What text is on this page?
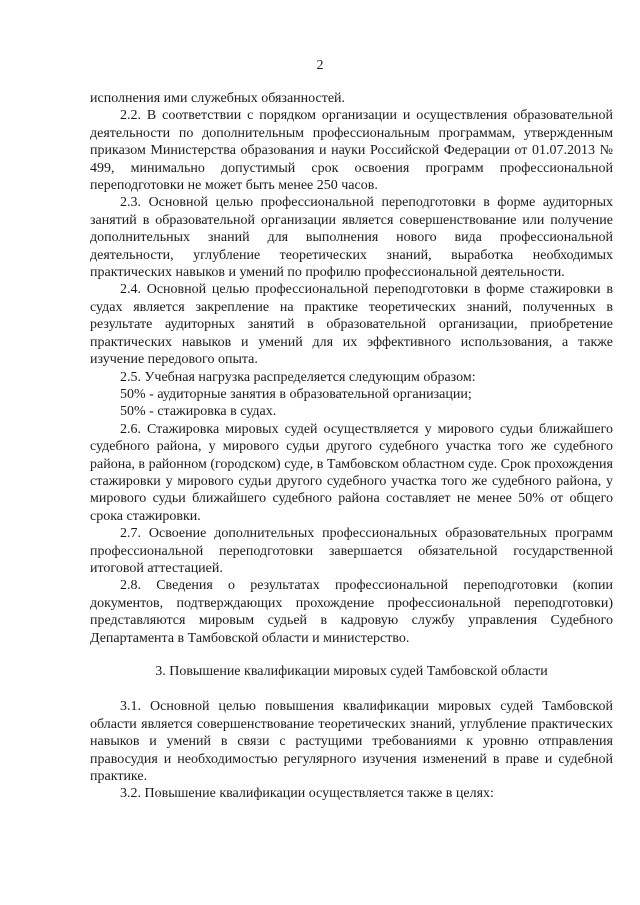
2

исполнения ими служебных обязанностей.

2.2. В соответствии с порядком организации и осуществления образовательной деятельности по дополнительным профессиональным программам, утвержденным приказом Министерства образования и науки Российской Федерации от 01.07.2013 № 499, минимально допустимый срок освоения программ профессиональной переподготовки не может быть менее 250 часов.

2.3. Основной целью профессиональной переподготовки в форме аудиторных занятий в образовательной организации является совершенствование или получение дополнительных знаний для выполнения нового вида профессиональной деятельности, углубление теоретических знаний, выработка необходимых практических навыков и умений по профилю профессиональной деятельности.

2.4. Основной целью профессиональной переподготовки в форме стажировки в судах является закрепление на практике теоретических знаний, полученных в результате аудиторных занятий в образовательной организации, приобретение практических навыков и умений для их эффективного использования, а также изучение передового опыта.

2.5. Учебная нагрузка распределяется следующим образом:

50% - аудиторные занятия в образовательной организации;

50% - стажировка в судах.

2.6. Стажировка мировых судей осуществляется у мирового судьи ближайшего судебного района, у мирового судьи другого судебного участка того же судебного района, в районном (городском) суде, в Тамбовском областном суде. Срок прохождения стажировки у мирового судьи другого судебного участка того же судебного района, у мирового судьи ближайшего судебного района составляет не менее 50% от общего срока стажировки.

2.7. Освоение дополнительных профессиональных образовательных программ профессиональной переподготовки завершается обязательной государственной итоговой аттестацией.

2.8. Сведения о результатах профессиональной переподготовки (копии документов, подтверждающих прохождение профессиональной переподготовки) представляются мировым судьей в кадровую службу управления Судебного Департамента в Тамбовской области и министерство.

3. Повышение квалификации мировых судей Тамбовской области

3.1. Основной целью повышения квалификации мировых судей Тамбовской области является совершенствование теоретических знаний, углубление практических навыков и умений в связи с растущими требованиями к уровню отправления правосудия и необходимостью регулярного изучения изменений в праве и судебной практике.

3.2. Повышение квалификации осуществляется также в целях:
